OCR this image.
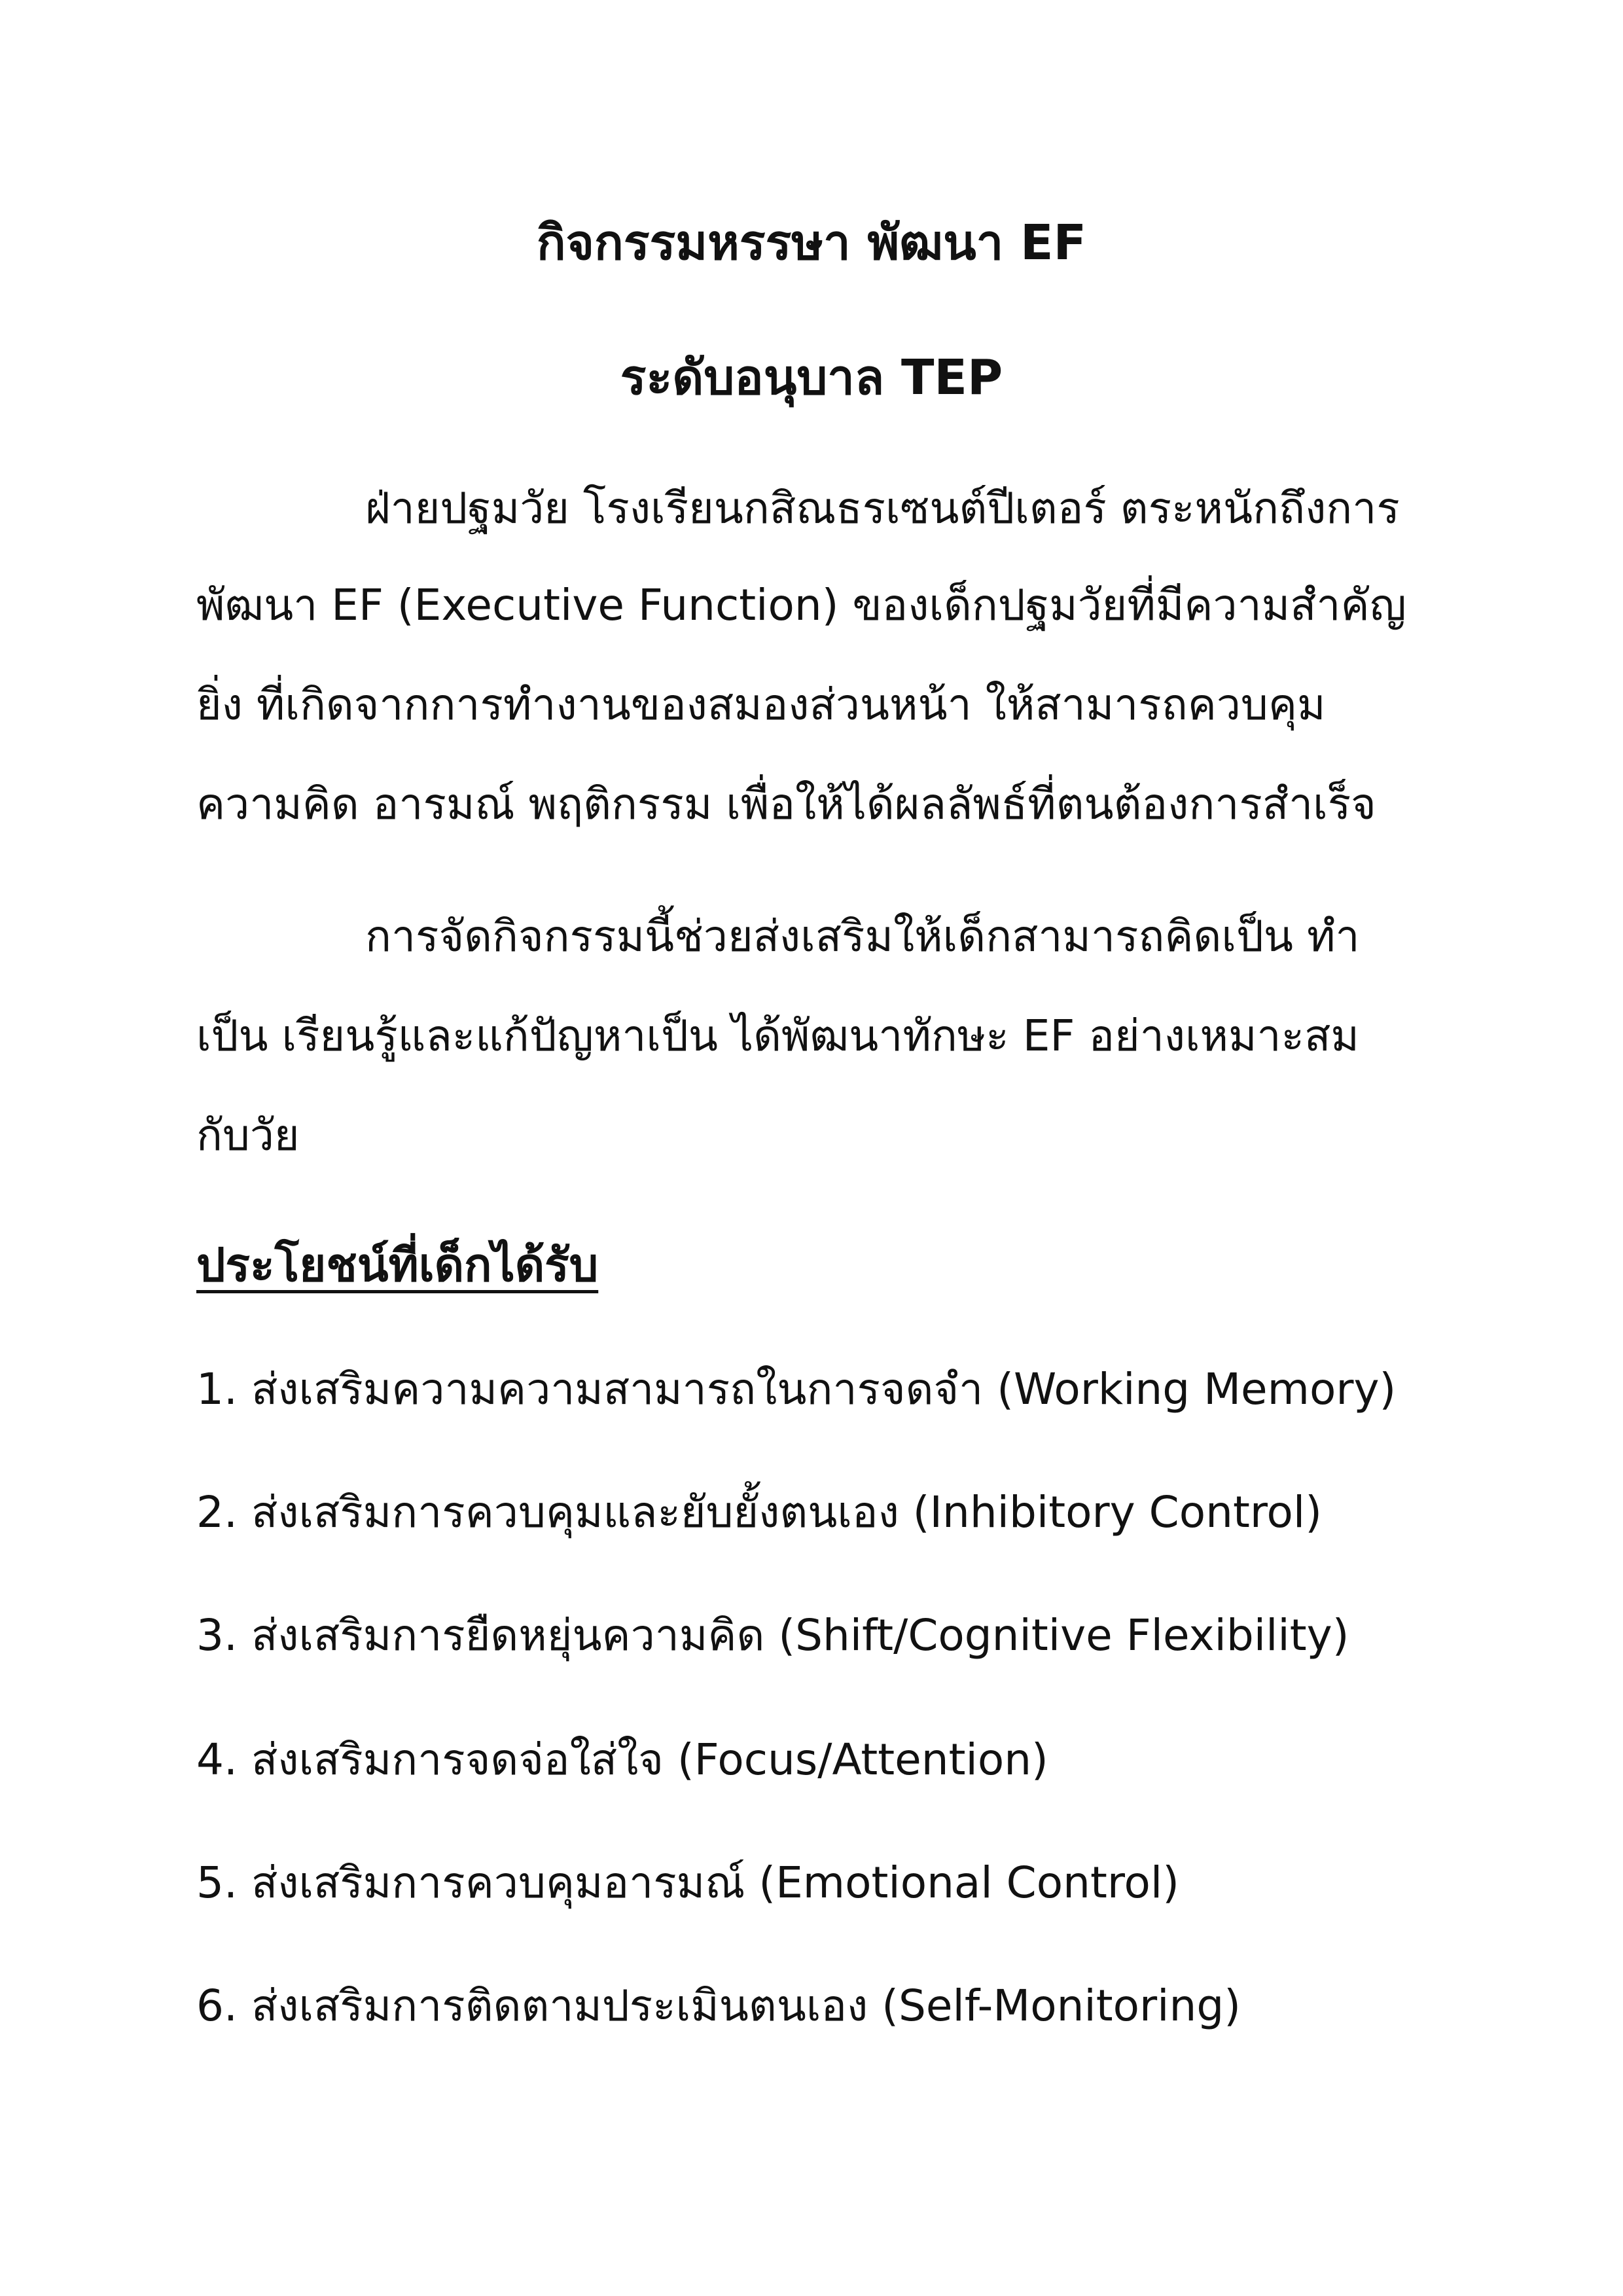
กิจกรรมหรรษา พัฒนา EF
ระดับอนุบาล TEP
ฝ่ายปฐมวัย โรงเรียนกสิณธรเซนต์ปีเตอร์ ตระหนักถึงการ
พัฒนา EF (Executive Function) ของเด็กปฐมวัยที่มีความสำคัญ
ยิ่ง ที่เกิดจากการทำงานของสมองส่วนหน้า ให้สามารถควบคุม
ความคิด อารมณ์ พฤติกรรม เพื่อให้ได้ผลลัพธ์ที่ตนต้องการสำเร็จ
การจัดกิจกรรมนี้ช่วยส่งเสริมให้เด็กสามารถคิดเป็น ทำ
เป็น เรียนรู้และแก้ปัญหาเป็น ได้พัฒนาทักษะ EF อย่างเหมาะสม
กับวัย
ประโยชน์ที่เด็กได้รับ
1. ส่งเสริมความความสามารถในการจดจำ (Working Memory)
2. ส่งเสริมการควบคุมและยับยั้งตนเอง (Inhibitory Control)
3. ส่งเสริมการยืดหยุ่นความคิด (Shift/Cognitive Flexibility)
4. ส่งเสริมการจดจ่อใส่ใจ (Focus/Attention)
5. ส่งเสริมการควบคุมอารมณ์ (Emotional Control)
6. ส่งเสริมการติดตามประเมินตนเอง (Self-Monitoring)
